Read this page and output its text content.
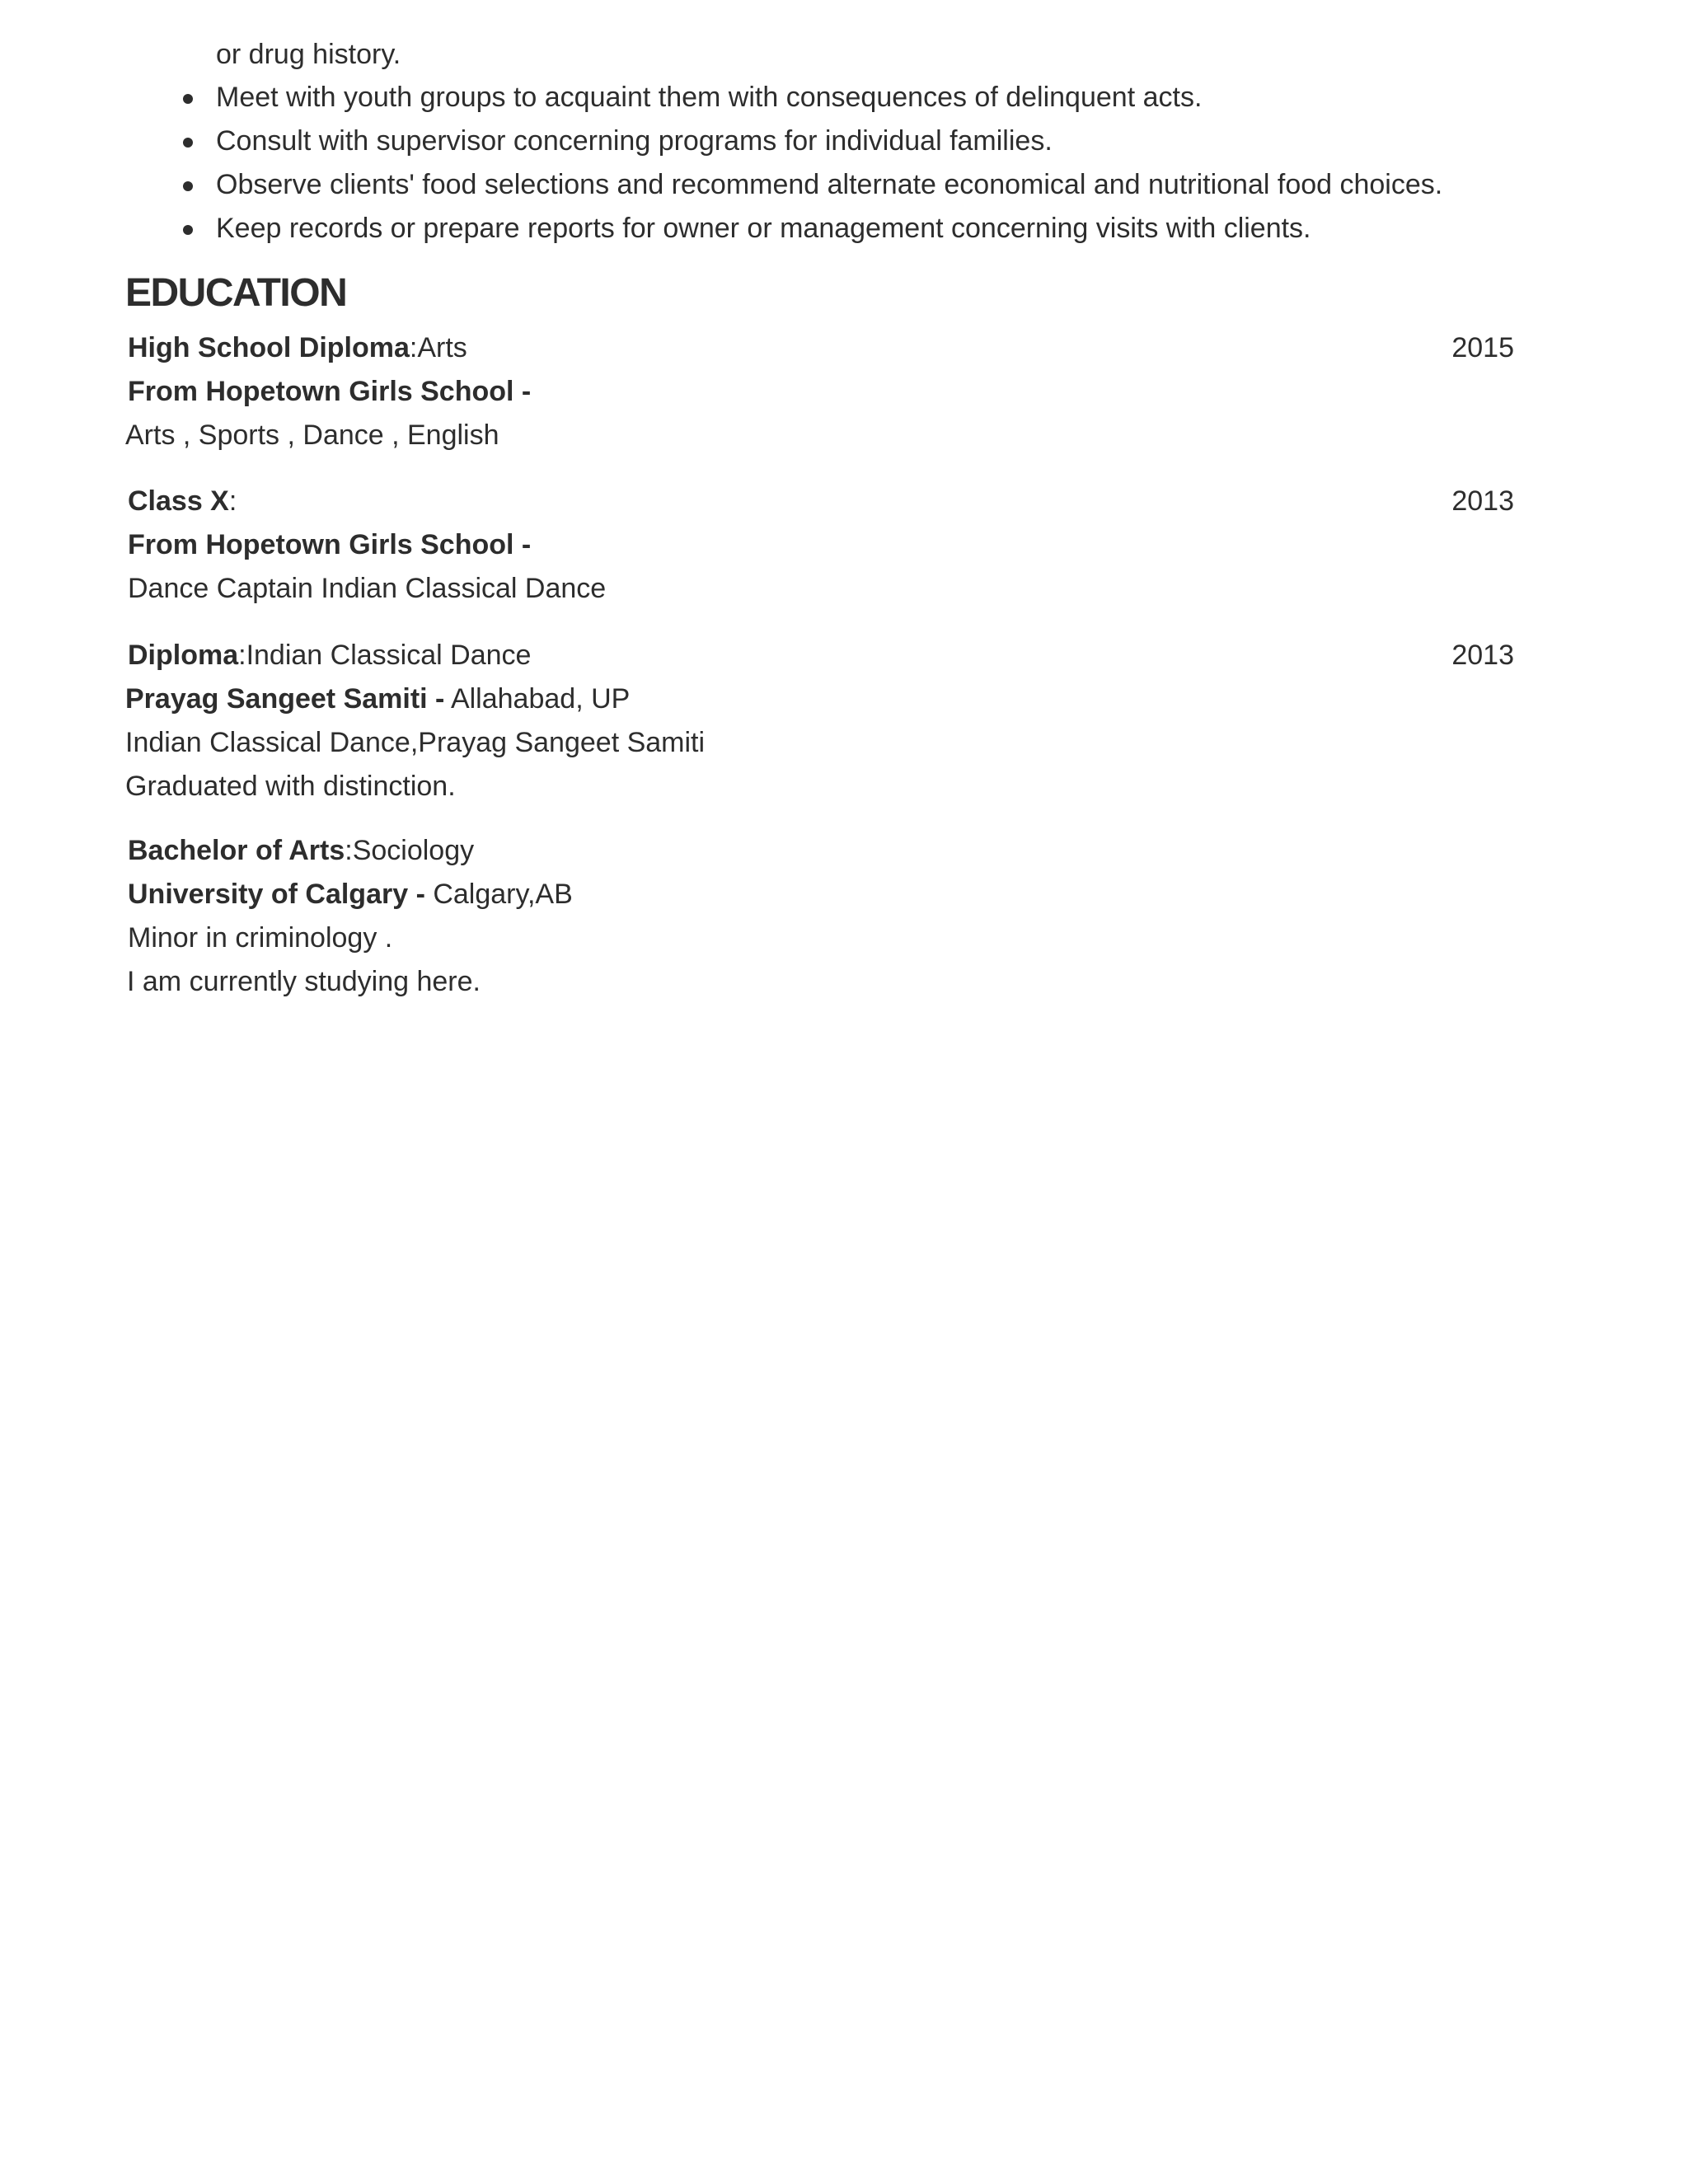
or drug history.
Meet with youth groups to acquaint them with consequences of delinquent acts.
Consult with supervisor concerning programs for individual families.
Observe clients' food selections and recommend alternate economical and nutritional food choices.
Keep records or prepare reports for owner or management concerning visits with clients.
EDUCATION
High School Diploma:Arts	2015
From Hopetown Girls School -
Arts , Sports , Dance , English
Class X:	2013
From Hopetown Girls School -
Dance Captain Indian Classical Dance
Diploma:Indian Classical Dance	2013
Prayag Sangeet Samiti - Allahabad, UP
Indian Classical Dance,Prayag Sangeet Samiti
Graduated with distinction.
Bachelor of Arts:Sociology
University of Calgary - Calgary,AB
Minor in criminology .
I am currently studying here.
